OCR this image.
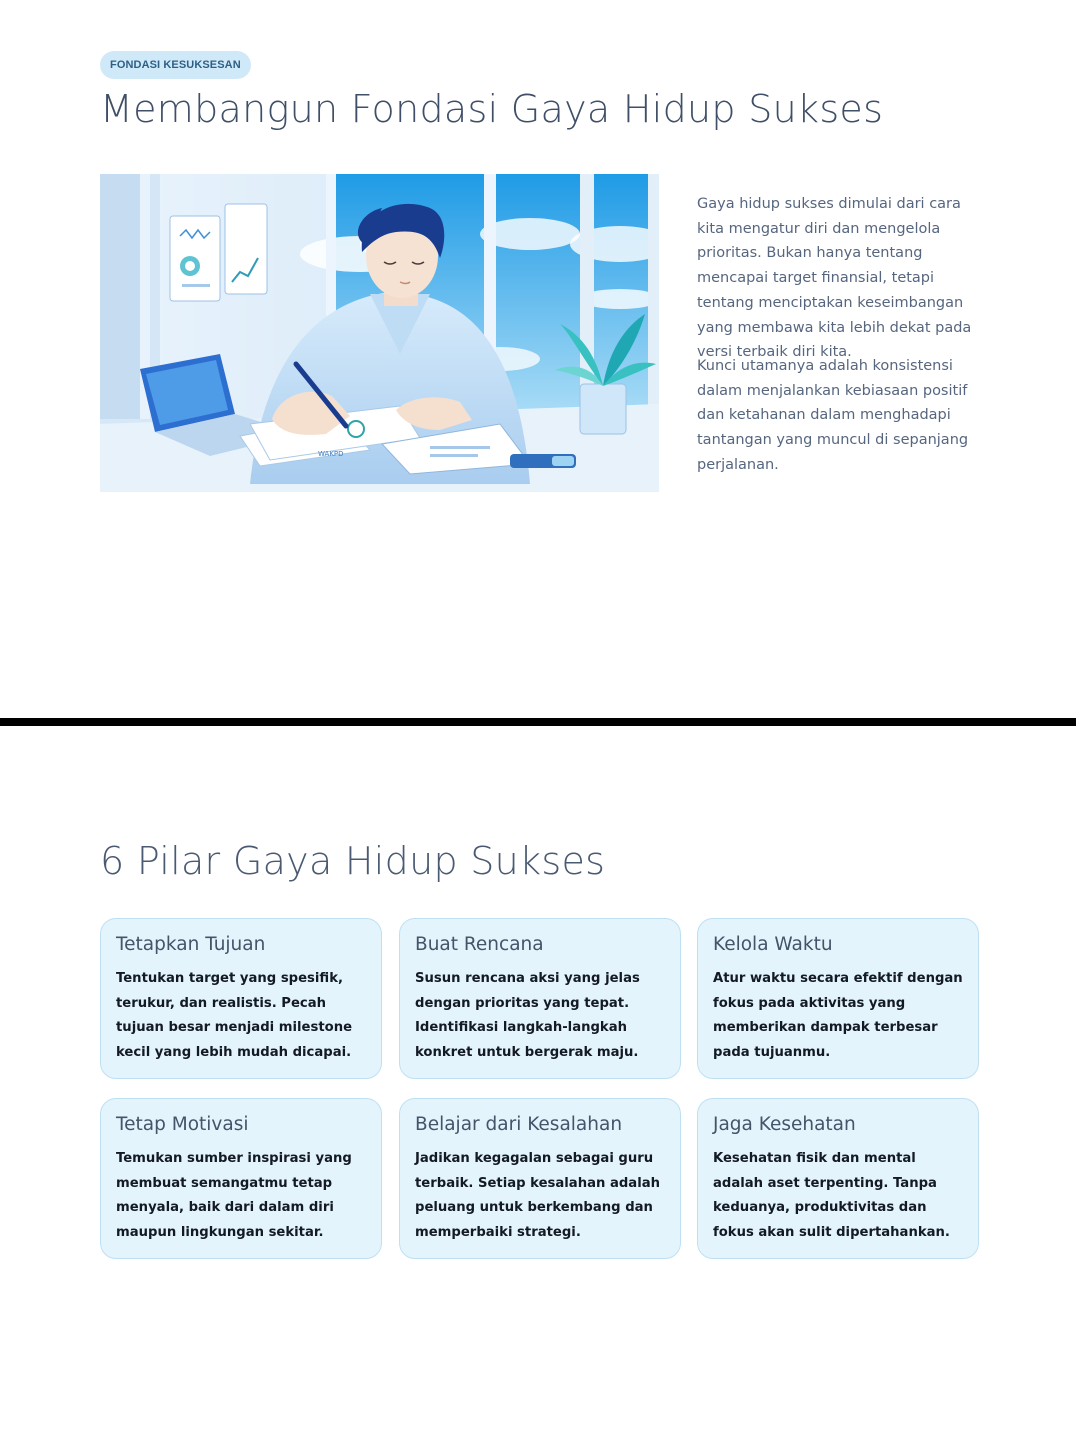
FONDASI KESUKSESAN
Membangun Fondasi Gaya Hidup Sukses
WAKPD

Gaya hidup sukses dimulai dari cara kita mengatur diri dan mengelola prioritas. Bukan hanya tentang mencapai target finansial, tetapi tentang menciptakan keseimbangan yang membawa kita lebih dekat pada versi terbaik diri kita.

Kunci utamanya adalah konsistensi dalam menjalankan kebiasaan positif dan ketahanan dalam menghadapi tantangan yang muncul di sepanjang perjalanan.

6 Pilar Gaya Hidup Sukses
Tetapkan Tujuan

Tentukan target yang spesifik, terukur, dan realistis. Pecah tujuan besar menjadi milestone kecil yang lebih mudah dicapai.

Buat Rencana

Susun rencana aksi yang jelas dengan prioritas yang tepat. Identifikasi langkah-langkah konkret untuk bergerak maju.

Kelola Waktu

Atur waktu secara efektif dengan fokus pada aktivitas yang memberikan dampak terbesar pada tujuanmu.

Tetap Motivasi

Temukan sumber inspirasi yang membuat semangatmu tetap menyala, baik dari dalam diri maupun lingkungan sekitar.

Belajar dari Kesalahan

Jadikan kegagalan sebagai guru terbaik. Setiap kesalahan adalah peluang untuk berkembang dan memperbaiki strategi.

Jaga Kesehatan

Kesehatan fisik dan mental adalah aset terpenting. Tanpa keduanya, produktivitas dan fokus akan sulit dipertahankan.
